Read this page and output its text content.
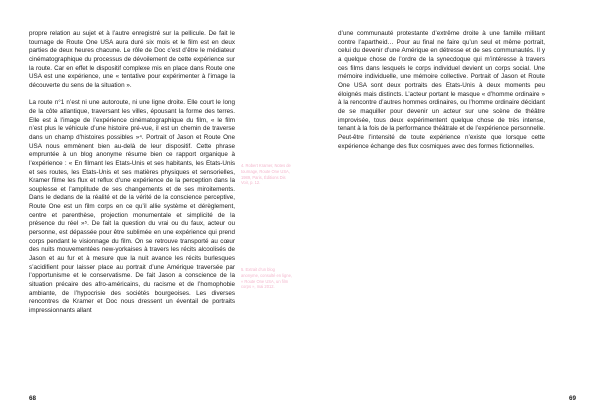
propre relation au sujet et à l’autre enregistré sur la pellicule. De fait le tournage de Route One USA aura duré six mois et le film est en deux parties de deux heures chacune. Le rôle de Doc c’est d’être le médiateur cinématographique du processus de dévoilement de cette expérience sur la route. Car en effet le dispositif complexe mis en place dans Route one USA est une expérience, une « tentative pour expérimenter à l’image la découverte du sens de la situation ».

La route n°1 n’est ni une autoroute, ni une ligne droite. Elle court le long de la côte atlantique, traversant les villes, épousant la forme des terres. Elle est à l’image de l’expérience cinématographique du film, « le film n’est plus le véhicule d’une histoire pré-vue, il est un chemin de traverse dans un champ d’histoires possibles »⁴. Portrait of Jason et Route One USA nous emmènent bien au-delà de leur dispositif. Cette phrase empruntée à un blog anonyme résume bien ce rapport organique à l’expérience : « En filmant les Etats-Unis et ses habitants, les Etats-Unis et ses routes, les Etats-Unis et ses matières physiques et sensorielles, Kramer filme les flux et reflux d’une expérience de la perception dans la souplesse et l’amplitude de ses changements et de ses miroitements. Dans le dedans de la réalité et de la vérité de la conscience perceptive, Route One est un film corps en ce qu’il allie système et dérèglement, centre et parenthèse, projection monumentale et simplicité de la présence du réel »⁵. De fait la question du vrai ou du faux, acteur ou personne, est dépassée pour être sublimée en une expérience qui prend corps pendant le visionnage du film. On se retrouve transporté au cœur des nuits mouvementées new-yorkaises à travers les récits alcoolisés de Jason et au fur et à mesure que la nuit avance les récits burlesques s’acidifient pour laisser place au portrait d’une Amérique traversée par l’opportunisme et le conservatisme. De fait Jason a conscience de la situation précaire des afro-américains, du racisme et de l’homophobie ambiante, de l’hypocrisie des sociétés bourgeoises. Les diverses rencontres de Kramer et Doc nous dressent un éventail de portraits impressionnants allant

4. Robert Kramer, Notes de tournage, Route One USA, 1989, Paris, Éditions Dis Voir, p. 12.
5. Extrait d’un blog anonyme, consulté en ligne, « Route One USA, un film corps », mai 2012.
68

d’une communauté protestante d’extrême droite à une famille militant contre l’apartheid… Pour au final ne faire qu’un seul et même portrait, celui du devenir d’une Amérique en détresse et de ses communautés. Il y a quelque chose de l’ordre de la synecdoque qui m’intéresse à travers ces films dans lesquels le corps individuel devient un corps social. Une mémoire individuelle, une mémoire collective. Portrait of Jason et Route One USA sont deux portraits des Etats-Unis à deux moments peu éloignés mais distincts. L’acteur portant le masque « d’homme ordinaire » à la rencontre d’autres hommes ordinaires, ou l’homme ordinaire décidant de se maquiller pour devenir un acteur sur une scène de théâtre improvisée, tous deux expérimentent quelque chose de très intense, tenant à la fois de la performance théâtrale et de l’expérience personnelle. Peut-être l’intensité de toute expérience n’existe que lorsque cette expérience échange des flux cosmiques avec des formes fictionnelles.

69
